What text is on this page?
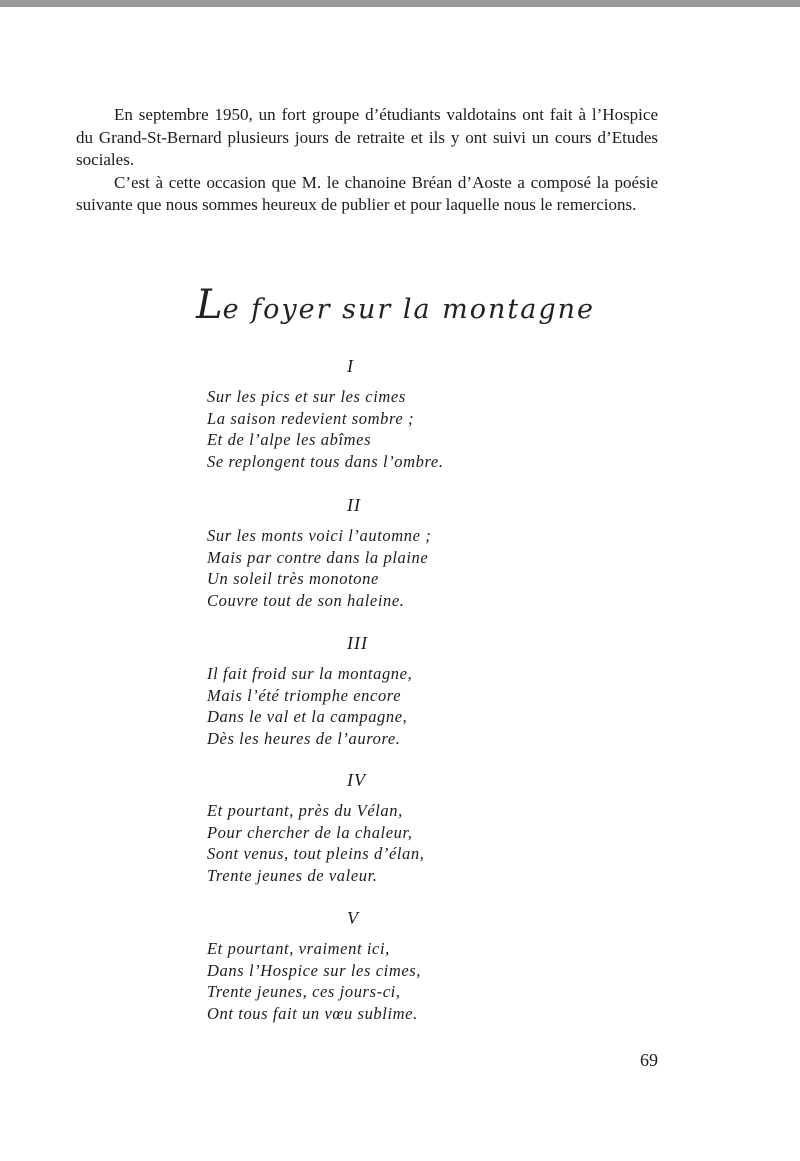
En septembre 1950, un fort groupe d’étudiants valdotains ont fait à l’Hospice du Grand-St-Bernard plusieurs jours de retraite et ils y ont suivi un cours d’Etudes sociales.

C’est à cette occasion que M. le chanoine Bréan d’Aoste a composé la poésie suivante que nous sommes heureux de publier et pour laquelle nous le remercions.

Le foyer sur la montagne
I
Sur les pics et sur les cimes
La saison redevient sombre ;
Et de l’alpe les abîmes
Se replongent tous dans l’ombre.
II
Sur les monts voici l’automne ;
Mais par contre dans la plaine
Un soleil très monotone
Couvre tout de son haleine.
III
Il fait froid sur la montagne,
Mais l’été triomphe encore
Dans le val et la campagne,
Dès les heures de l’aurore.
IV
Et pourtant, près du Vélan,
Pour chercher de la chaleur,
Sont venus, tout pleins d’élan,
Trente jeunes de valeur.
V
Et pourtant, vraiment ici,
Dans l’Hospice sur les cimes,
Trente jeunes, ces jours-ci,
Ont tous fait un vœu sublime.
69
